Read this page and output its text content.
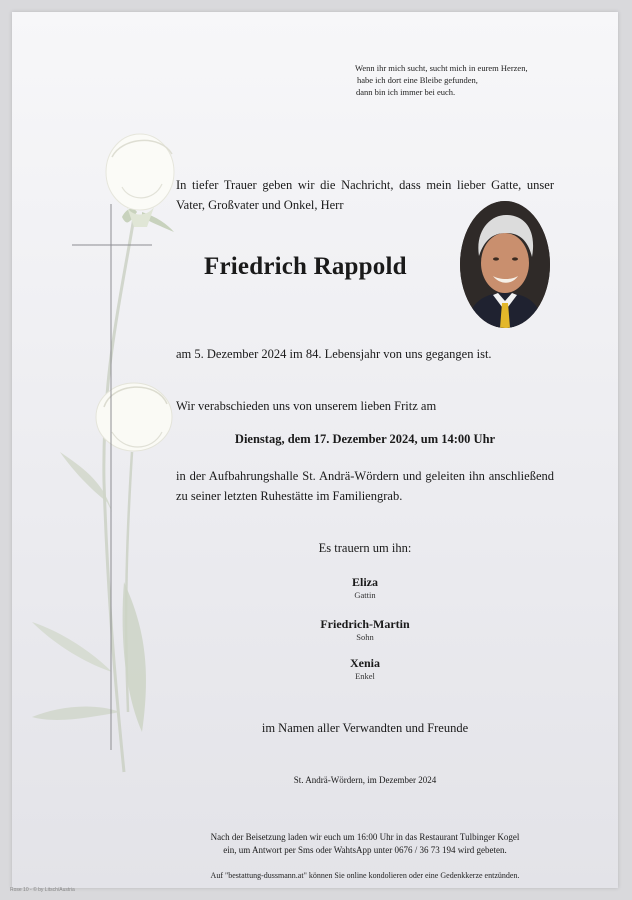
Wenn ihr mich sucht, sucht mich in eurem Herzen,
habe ich dort eine Bleibe gefunden,
dann bin ich immer bei euch.
In tiefer Trauer geben wir die Nachricht, dass mein lieber Gatte, unser Vater, Großvater und Onkel, Herr
Friedrich Rappold
am 5. Dezember 2024 im 84. Lebensjahr von uns gegangen ist.
Wir verabschieden uns von unserem lieben Fritz am
Dienstag, dem 17. Dezember 2024, um 14:00 Uhr
in der Aufbahrungshalle St. Andrä-Wördern und geleiten ihn anschließend zu seiner letzten Ruhestätte im Familiengrab.
Es trauern um ihn:
Eliza
Gattin
Friedrich-Martin
Sohn
Xenia
Enkel
im Namen aller Verwandten und Freunde
St. Andrä-Wördern, im Dezember 2024
Nach der Beisetzung laden wir euch um 16:00 Uhr in das Restaurant Tulbinger Kogel
ein, um Antwort per Sms oder WahtsApp unter 0676 / 36 73 194 wird gebeten.
Auf "bestattung-dussmann.at" können Sie online kondolieren oder eine Gedenkkerze entzünden.
Rose 10 - © by Litsch/Austria
